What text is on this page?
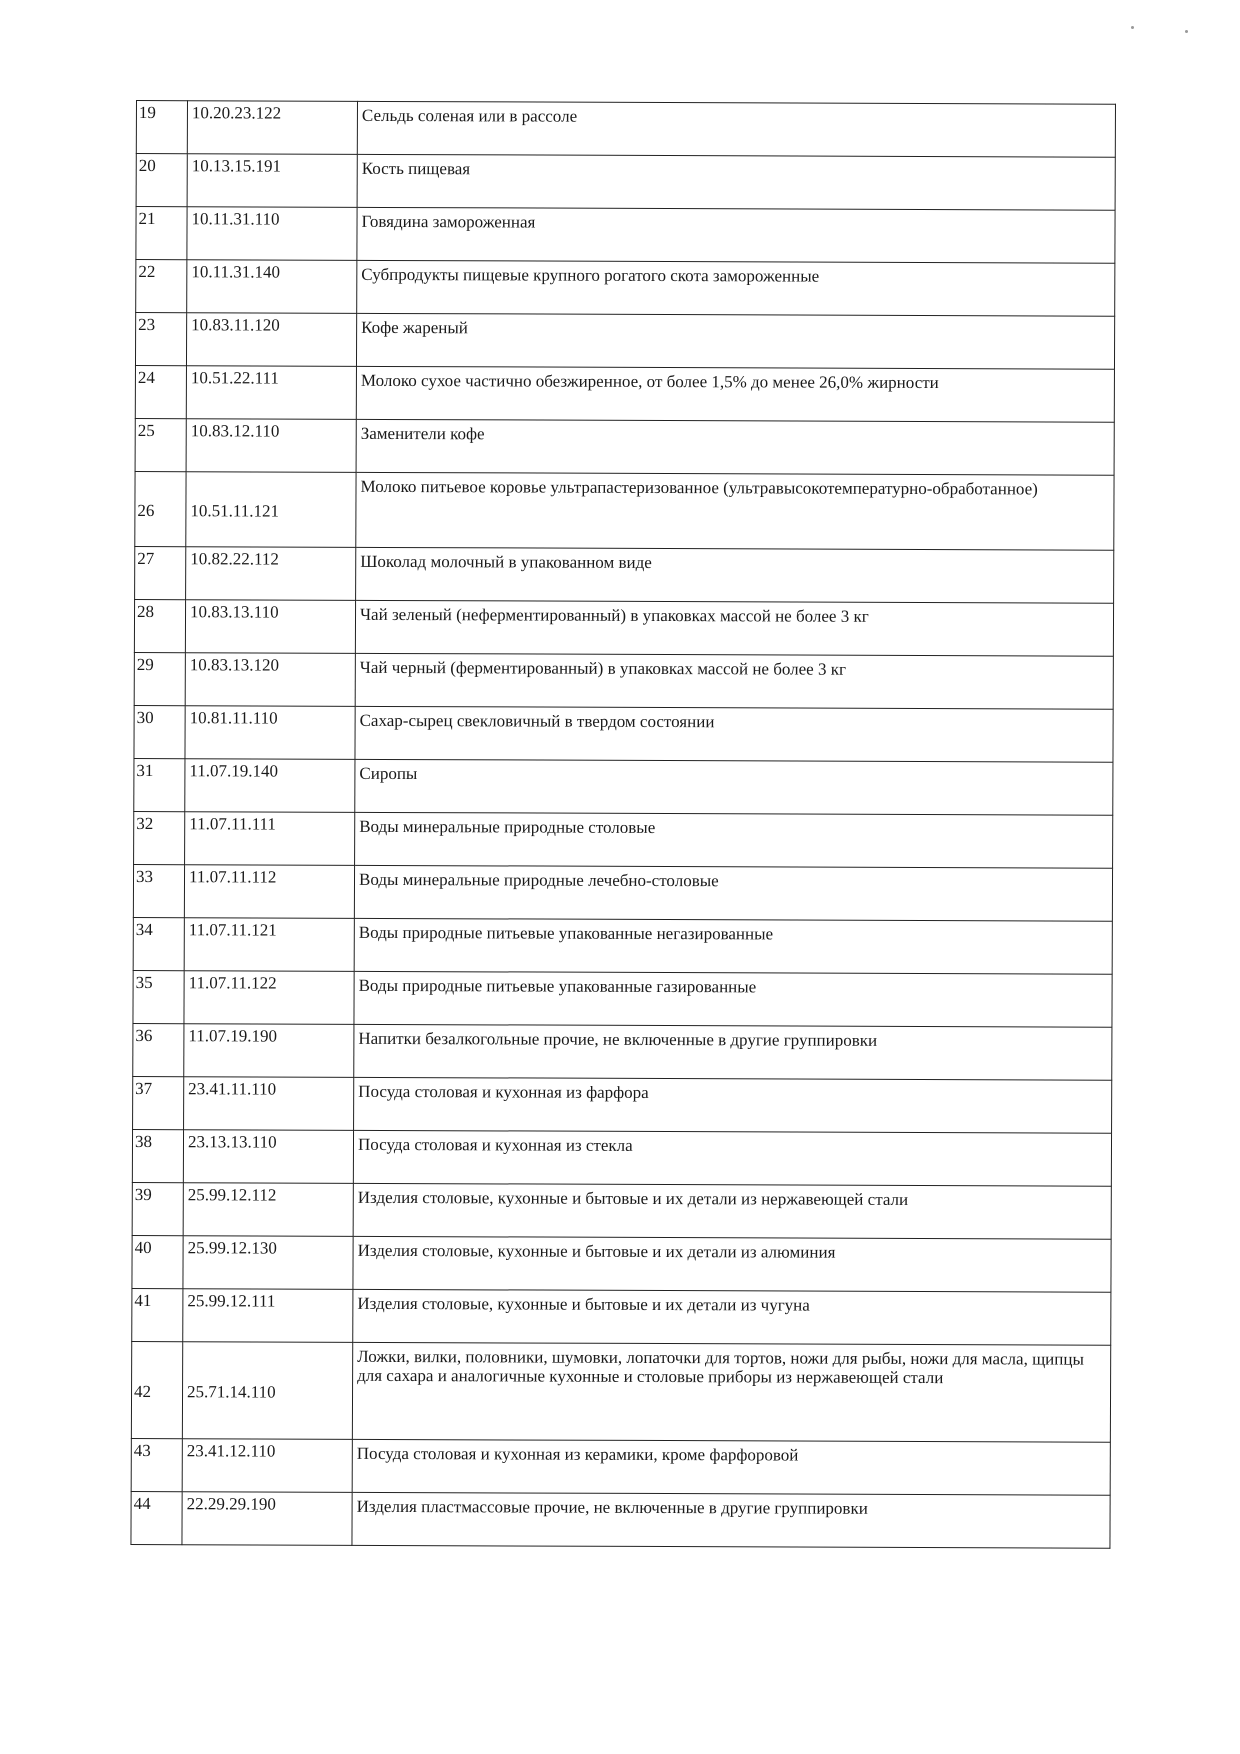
19	10.20.23.122	Сельдь соленая или в рассоле
20	10.13.15.191	Кость пищевая
21	10.11.31.110	Говядина замороженная
22	10.11.31.140	Субпродукты пищевые крупного рогатого скота замороженные
23	10.83.11.120	Кофе жареный
24	10.51.22.111	Молоко сухое частично обезжиренное, от более 1,5% до менее 26,0% жирности
25	10.83.12.110	Заменители кофе
26	10.51.11.121	Молоко питьевое коровье ультрапастеризованное (ультравысокотемпературно-обработанное)
27	10.82.22.112	Шоколад молочный в упакованном виде
28	10.83.13.110	Чай зеленый (неферментированный) в упаковках массой не более 3 кг
29	10.83.13.120	Чай черный (ферментированный) в упаковках массой не более 3 кг
30	10.81.11.110	Сахар-сырец свекловичный в твердом состоянии
31	11.07.19.140	Сиропы
32	11.07.11.111	Воды минеральные природные столовые
33	11.07.11.112	Воды минеральные природные лечебно-столовые
34	11.07.11.121	Воды природные питьевые упакованные негазированные
35	11.07.11.122	Воды природные питьевые упакованные газированные
36	11.07.19.190	Напитки безалкогольные прочие, не включенные в другие группировки
37	23.41.11.110	Посуда столовая и кухонная из фарфора
38	23.13.13.110	Посуда столовая и кухонная из стекла
39	25.99.12.112	Изделия столовые, кухонные и бытовые и их детали из нержавеющей стали
40	25.99.12.130	Изделия столовые, кухонные и бытовые и их детали из алюминия
41	25.99.12.111	Изделия столовые, кухонные и бытовые и их детали из чугуна
42	25.71.14.110	Ложки, вилки, половники, шумовки, лопаточки для тортов, ножи для рыбы, ножи для масла, щипцы для сахара и аналогичные кухонные и столовые приборы из нержавеющей стали
43	23.41.12.110	Посуда столовая и кухонная из керамики, кроме фарфоровой
44	22.29.29.190	Изделия пластмассовые прочие, не включенные в другие группировки
